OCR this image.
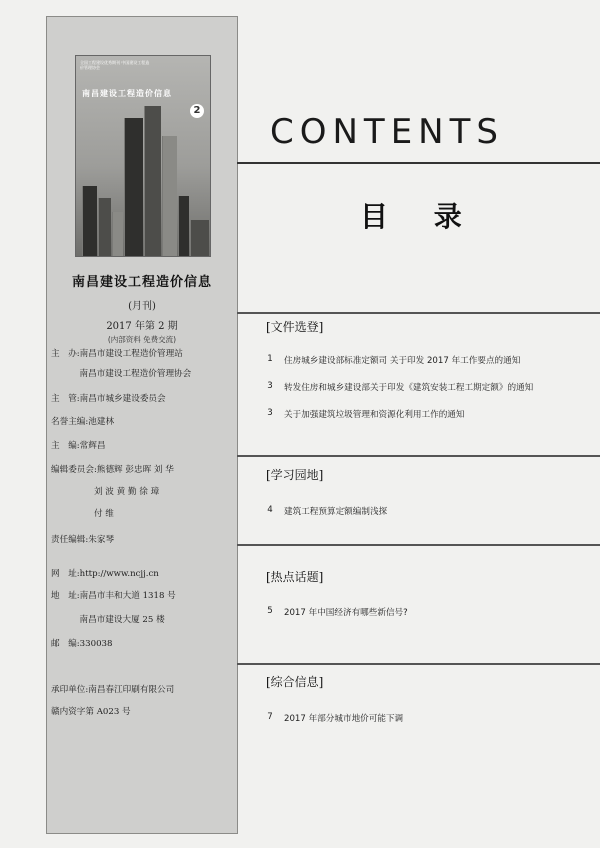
全国工程建设优秀期刊 中国建设工程造价管理协会
南昌建设工程造价信息
2
南昌建设工程造价信息
(月刊)
2017 年第 2 期
(内部资料 免费交流)
主　办:南昌市建设工程造价管理站
　　　 南昌市建设工程造价管理协会
主　管:南昌市城乡建设委员会
名誉主编:池建林
主　编:常辉昌
编辑委员会:熊德辉 彭忠晖 刘 华
　　　　　刘 波 黄 勤 徐 璋
　　　　　付 维
责任编辑:朱家琴
网　址:http://www.ncjj.cn
地　址:南昌市丰和大道 1318 号
　　　 南昌市建设大厦 25 楼
邮　编:330038
承印单位:南昌春江印刷有限公司
赣内资字第 A023 号
CONTENTS
目 录
[文件选登]
1	住房城乡建设部标准定额司 关于印发 2017 年工作要点的通知
3	转发住房和城乡建设部关于印发《建筑安装工程工期定额》的通知
3	关于加强建筑垃圾管理和资源化利用工作的通知
[学习园地]
4	建筑工程预算定额编制浅探
[热点话题]
5	2017 年中国经济有哪些新信号?
[综合信息]
7	2017 年部分城市地价可能下调
